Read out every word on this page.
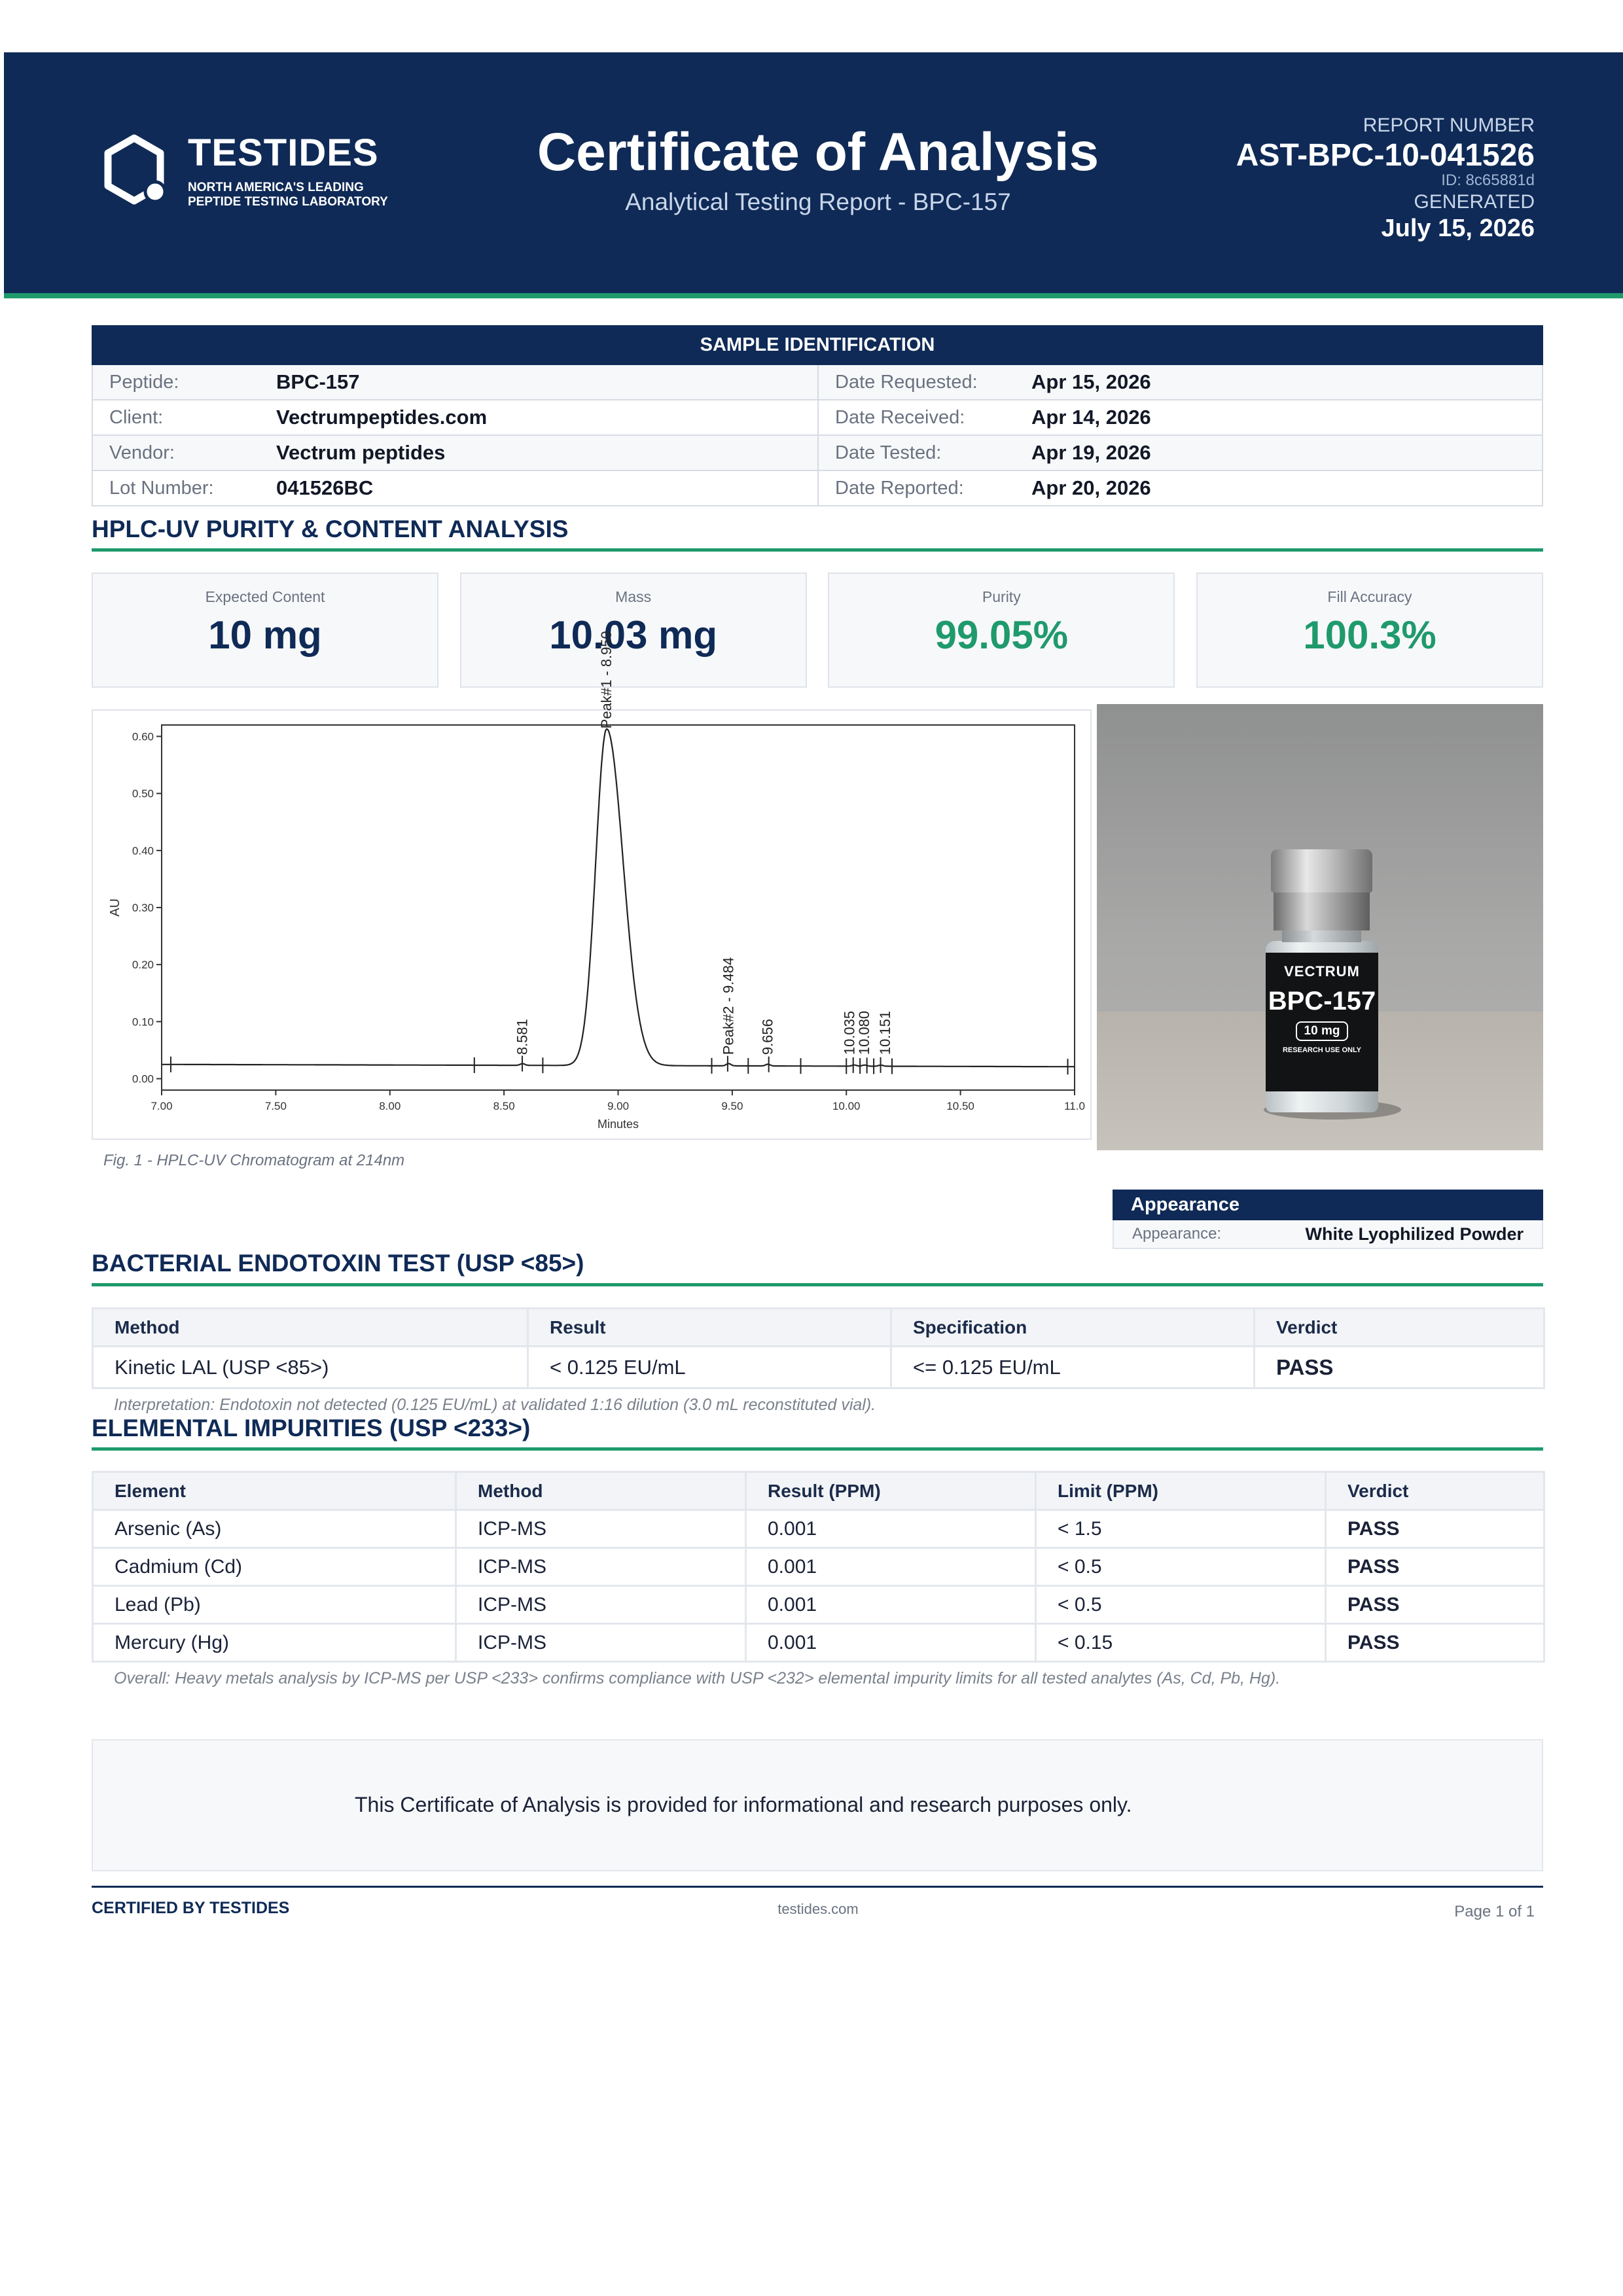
TESTIDES
NORTH AMERICA'S LEADING
PEPTIDE TESTING LABORATORY
Certificate of Analysis
Analytical Testing Report - BPC-157
REPORT NUMBER
AST-BPC-10-041526
ID: 8c65881d
GENERATED
July 15, 2026
SAMPLE IDENTIFICATION
Peptide:	BPC-157	Date Requested:	Apr 15, 2026
Client:	Vectrumpeptides.com	Date Received:	Apr 14, 2026
Vendor:	Vectrum peptides	Date Tested:	Apr 19, 2026
Lot Number:	041526BC	Date Reported:	Apr 20, 2026
HPLC-UV PURITY & CONTENT ANALYSIS
Expected Content
10 mg
Mass
10.03 mg
Purity
99.05%
Fill Accuracy
100.3%
0.00
0.10
0.20
0.30
0.40
0.50
0.60
7.00	7.50	8.00	8.50	9.00	9.50	10.00	10.50	11.0
Minutes
AU
8.581
Peak#1 - 8.950
Peak#2 - 9.484 9.656	10.035
10.080 10.151
Fig. 1 - HPLC-UV Chromatogram at 214nm
VECTRUM
BPC-157
10 mg
RESEARCH USE ONLY
Appearance
Appearance:	White Lyophilized Powder
BACTERIAL ENDOTOXIN TEST (USP <85>)
Method	Result	Specification	Verdict
Kinetic LAL (USP <85>)	< 0.125 EU/mL	<= 0.125 EU/mL	PASS
Interpretation: Endotoxin not detected (0.125 EU/mL) at validated 1:16 dilution (3.0 mL reconstituted vial).
ELEMENTAL IMPURITIES (USP <233>)
Element	Method	Result (PPM)	Limit (PPM)	Verdict
Arsenic (As)	ICP-MS	0.001	< 1.5	PASS
Cadmium (Cd)	ICP-MS	0.001	< 0.5	PASS
Lead (Pb)	ICP-MS	0.001	< 0.5	PASS
Mercury (Hg)	ICP-MS	0.001	< 0.15	PASS
Overall: Heavy metals analysis by ICP-MS per USP <233> confirms compliance with USP <232> elemental impurity limits for all tested analytes (As, Cd, Pb, Hg).
This Certificate of Analysis is provided for informational and research purposes only.
CERTIFIED BY TESTIDES	testides.com	Page 1 of 1
